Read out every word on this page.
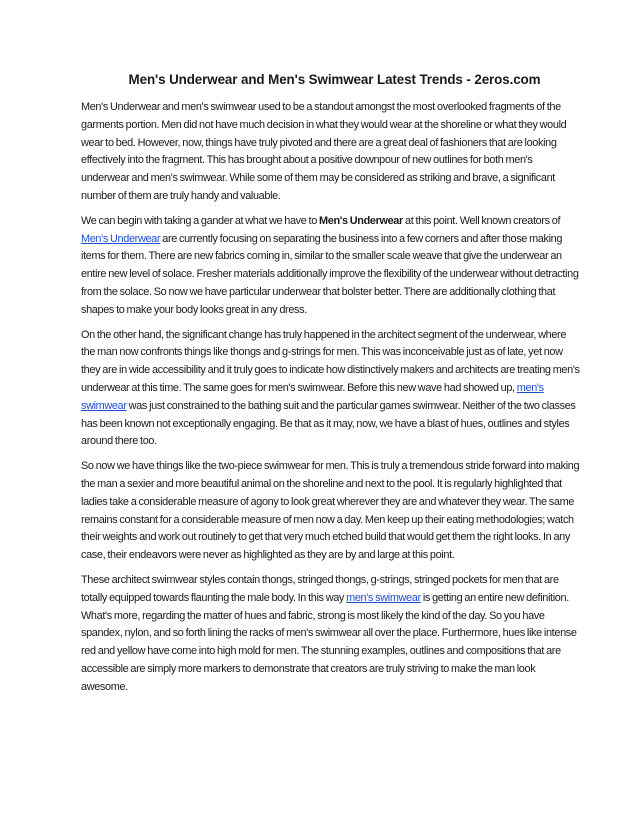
Men's Underwear and Men's Swimwear Latest Trends - 2eros.com

Men's Underwear and men's swimwear used to be a standout amongst the most overlooked fragments of the garments portion. Men did not have much decision in what they would wear at the shoreline or what they would wear to bed. However, now, things have truly pivoted and there are a great deal of fashioners that are looking effectively into the fragment. This has brought about a positive downpour of new outlines for both men's underwear and men's swimwear. While some of them may be considered as striking and brave, a significant number of them are truly handy and valuable.

We can begin with taking a gander at what we have to Men's Underwear at this point. Well known creators of Men's Underwear are currently focusing on separating the business into a few corners and after those making items for them. There are new fabrics coming in, similar to the smaller scale weave that give the underwear an entire new level of solace. Fresher materials additionally improve the flexibility of the underwear without detracting from the solace. So now we have particular underwear that bolster better. There are additionally clothing that shapes to make your body looks great in any dress.

On the other hand, the significant change has truly happened in the architect segment of the underwear, where the man now confronts things like thongs and g-strings for men. This was inconceivable just as of late, yet now they are in wide accessibility and it truly goes to indicate how distinctively makers and architects are treating men's underwear at this time. The same goes for men's swimwear. Before this new wave had showed up, men's swimwear was just constrained to the bathing suit and the particular games swimwear. Neither of the two classes has been known not exceptionally engaging. Be that as it may, now, we have a blast of hues, outlines and styles around there too.

So now we have things like the two-piece swimwear for men. This is truly a tremendous stride forward into making the man a sexier and more beautiful animal on the shoreline and next to the pool. It is regularly highlighted that ladies take a considerable measure of agony to look great wherever they are and whatever they wear. The same remains constant for a considerable measure of men now a day. Men keep up their eating methodologies; watch their weights and work out routinely to get that very much etched build that would get them the right looks. In any case, their endeavors were never as highlighted as they are by and large at this point.

These architect swimwear styles contain thongs, stringed thongs, g-strings, stringed pockets for men that are totally equipped towards flaunting the male body. In this way men's swimwear is getting an entire new definition. What's more, regarding the matter of hues and fabric, strong is most likely the kind of the day. So you have spandex, nylon, and so forth lining the racks of men's swimwear all over the place. Furthermore, hues like intense red and yellow have come into high mold for men. The stunning examples, outlines and compositions that are accessible are simply more markers to demonstrate that creators are truly striving to make the man look awesome.
